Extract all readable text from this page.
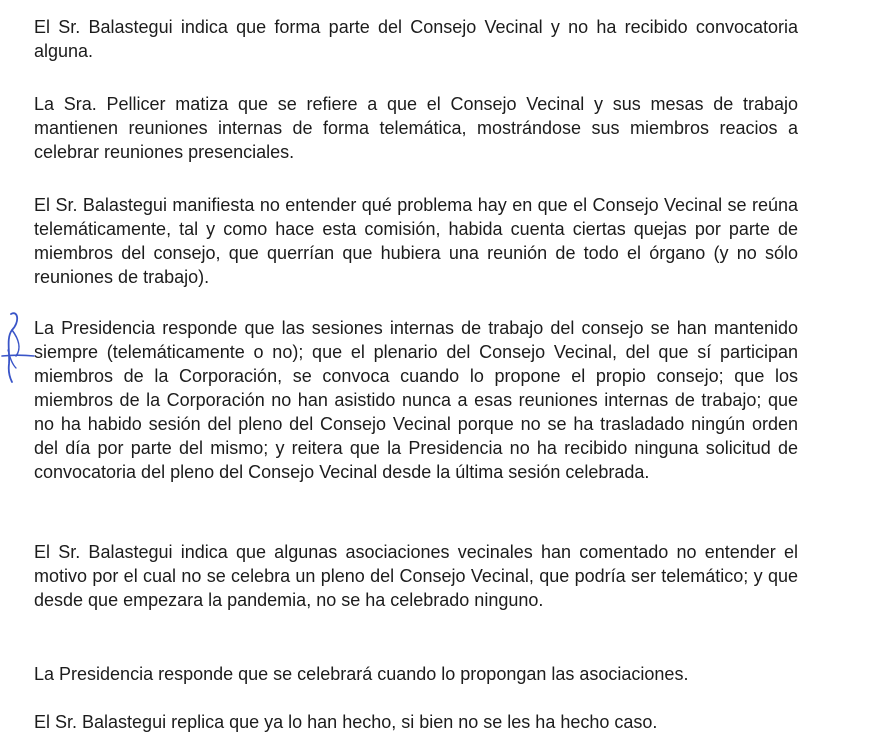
El Sr. Balastegui indica que forma parte del Consejo Vecinal y no ha recibido convocatoria alguna.

La Sra. Pellicer matiza que se refiere a que el Consejo Vecinal y sus mesas de trabajo mantienen reuniones internas de forma telemática, mostrándose sus miembros reacios a celebrar reuniones presenciales.

El Sr. Balastegui manifiesta no entender qué problema hay en que el Consejo Vecinal se reúna telemáticamente, tal y como hace esta comisión, habida cuenta ciertas quejas por parte de miembros del consejo, que querrían que hubiera una reunión de todo el órgano (y no sólo reuniones de trabajo).

La Presidencia responde que las sesiones internas de trabajo del consejo se han mantenido siempre (telemáticamente o no); que el plenario del Consejo Vecinal, del que sí participan miembros de la Corporación, se convoca cuando lo propone el propio consejo; que los miembros de la Corporación no han asistido nunca a esas reuniones internas de trabajo; que no ha habido sesión del pleno del Consejo Vecinal porque no se ha trasladado ningún orden del día por parte del mismo; y reitera que la Presidencia no ha recibido ninguna solicitud de convocatoria del pleno del Consejo Vecinal desde la última sesión celebrada.

El Sr. Balastegui indica que algunas asociaciones vecinales han comentado no entender el motivo por el cual no se celebra un pleno del Consejo Vecinal, que podría ser telemático; y que desde que empezara la pandemia, no se ha celebrado ninguno.

La Presidencia responde que se celebrará cuando lo propongan las asociaciones.

El Sr. Balastegui replica que ya lo han hecho, si bien no se les ha hecho caso.
